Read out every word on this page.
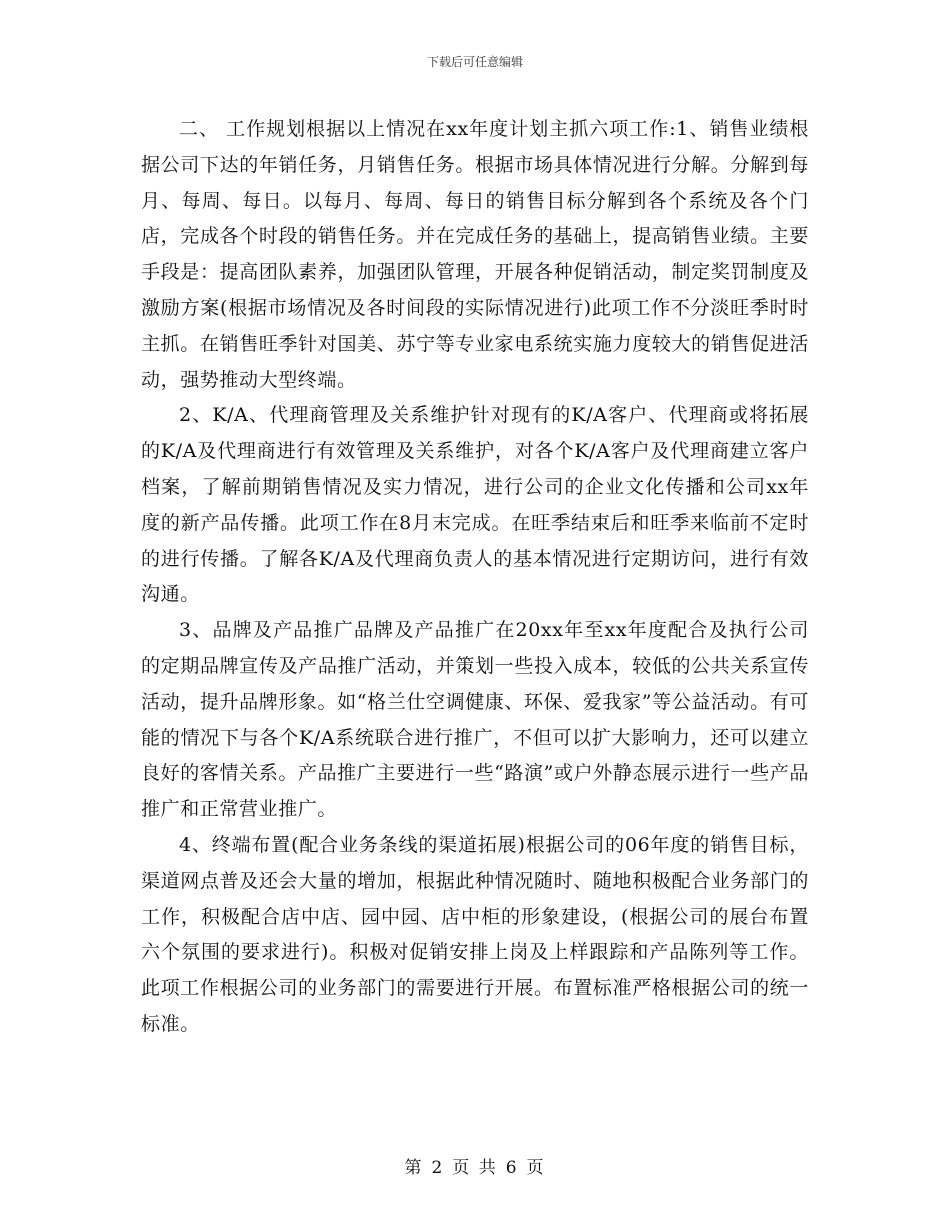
下载后可任意编辑

二、 工作规划根据以上情况在xx年度计划主抓六项工作:1、销售业绩根据公司下达的年销任务，月销售任务。根据市场具体情况进行分解。分解到每月、每周、每日。以每月、每周、每日的销售目标分解到各个系统及各个门店，完成各个时段的销售任务。并在完成任务的基础上，提高销售业绩。主要手段是：提高团队素养，加强团队管理，开展各种促销活动，制定奖罚制度及激励方案(根据市场情况及各时间段的实际情况进行)此项工作不分淡旺季时时主抓。在销售旺季针对国美、苏宁等专业家电系统实施力度较大的销售促进活动，强势推动大型终端。

2、K/A、代理商管理及关系维护针对现有的K/A客户、代理商或将拓展的K/A及代理商进行有效管理及关系维护，对各个K/A客户及代理商建立客户档案，了解前期销售情况及实力情况，进行公司的企业文化传播和公司xx年度的新产品传播。此项工作在8月末完成。在旺季结束后和旺季来临前不定时的进行传播。了解各K/A及代理商负责人的基本情况进行定期访问，进行有效沟通。

3、品牌及产品推广品牌及产品推广在20xx年至xx年度配合及执行公司的定期品牌宣传及产品推广活动，并策划一些投入成本，较低的公共关系宣传活动，提升品牌形象。如“格兰仕空调健康、环保、爱我家”等公益活动。有可能的情况下与各个K/A系统联合进行推广，不但可以扩大影响力，还可以建立良好的客情关系。产品推广主要进行一些“路演”或户外静态展示进行一些产品推广和正常营业推广。

4、终端布置(配合业务条线的渠道拓展)根据公司的06年度的销售目标，渠道网点普及还会大量的增加，根据此种情况随时、随地积极配合业务部门的工作，积极配合店中店、园中园、店中柜的形象建设，(根据公司的展台布置六个氛围的要求进行)。积极对促销安排上岗及上样跟踪和产品陈列等工作。此项工作根据公司的业务部门的需要进行开展。布置标准严格根据公司的统一标准。

第 2 页 共 6 页
